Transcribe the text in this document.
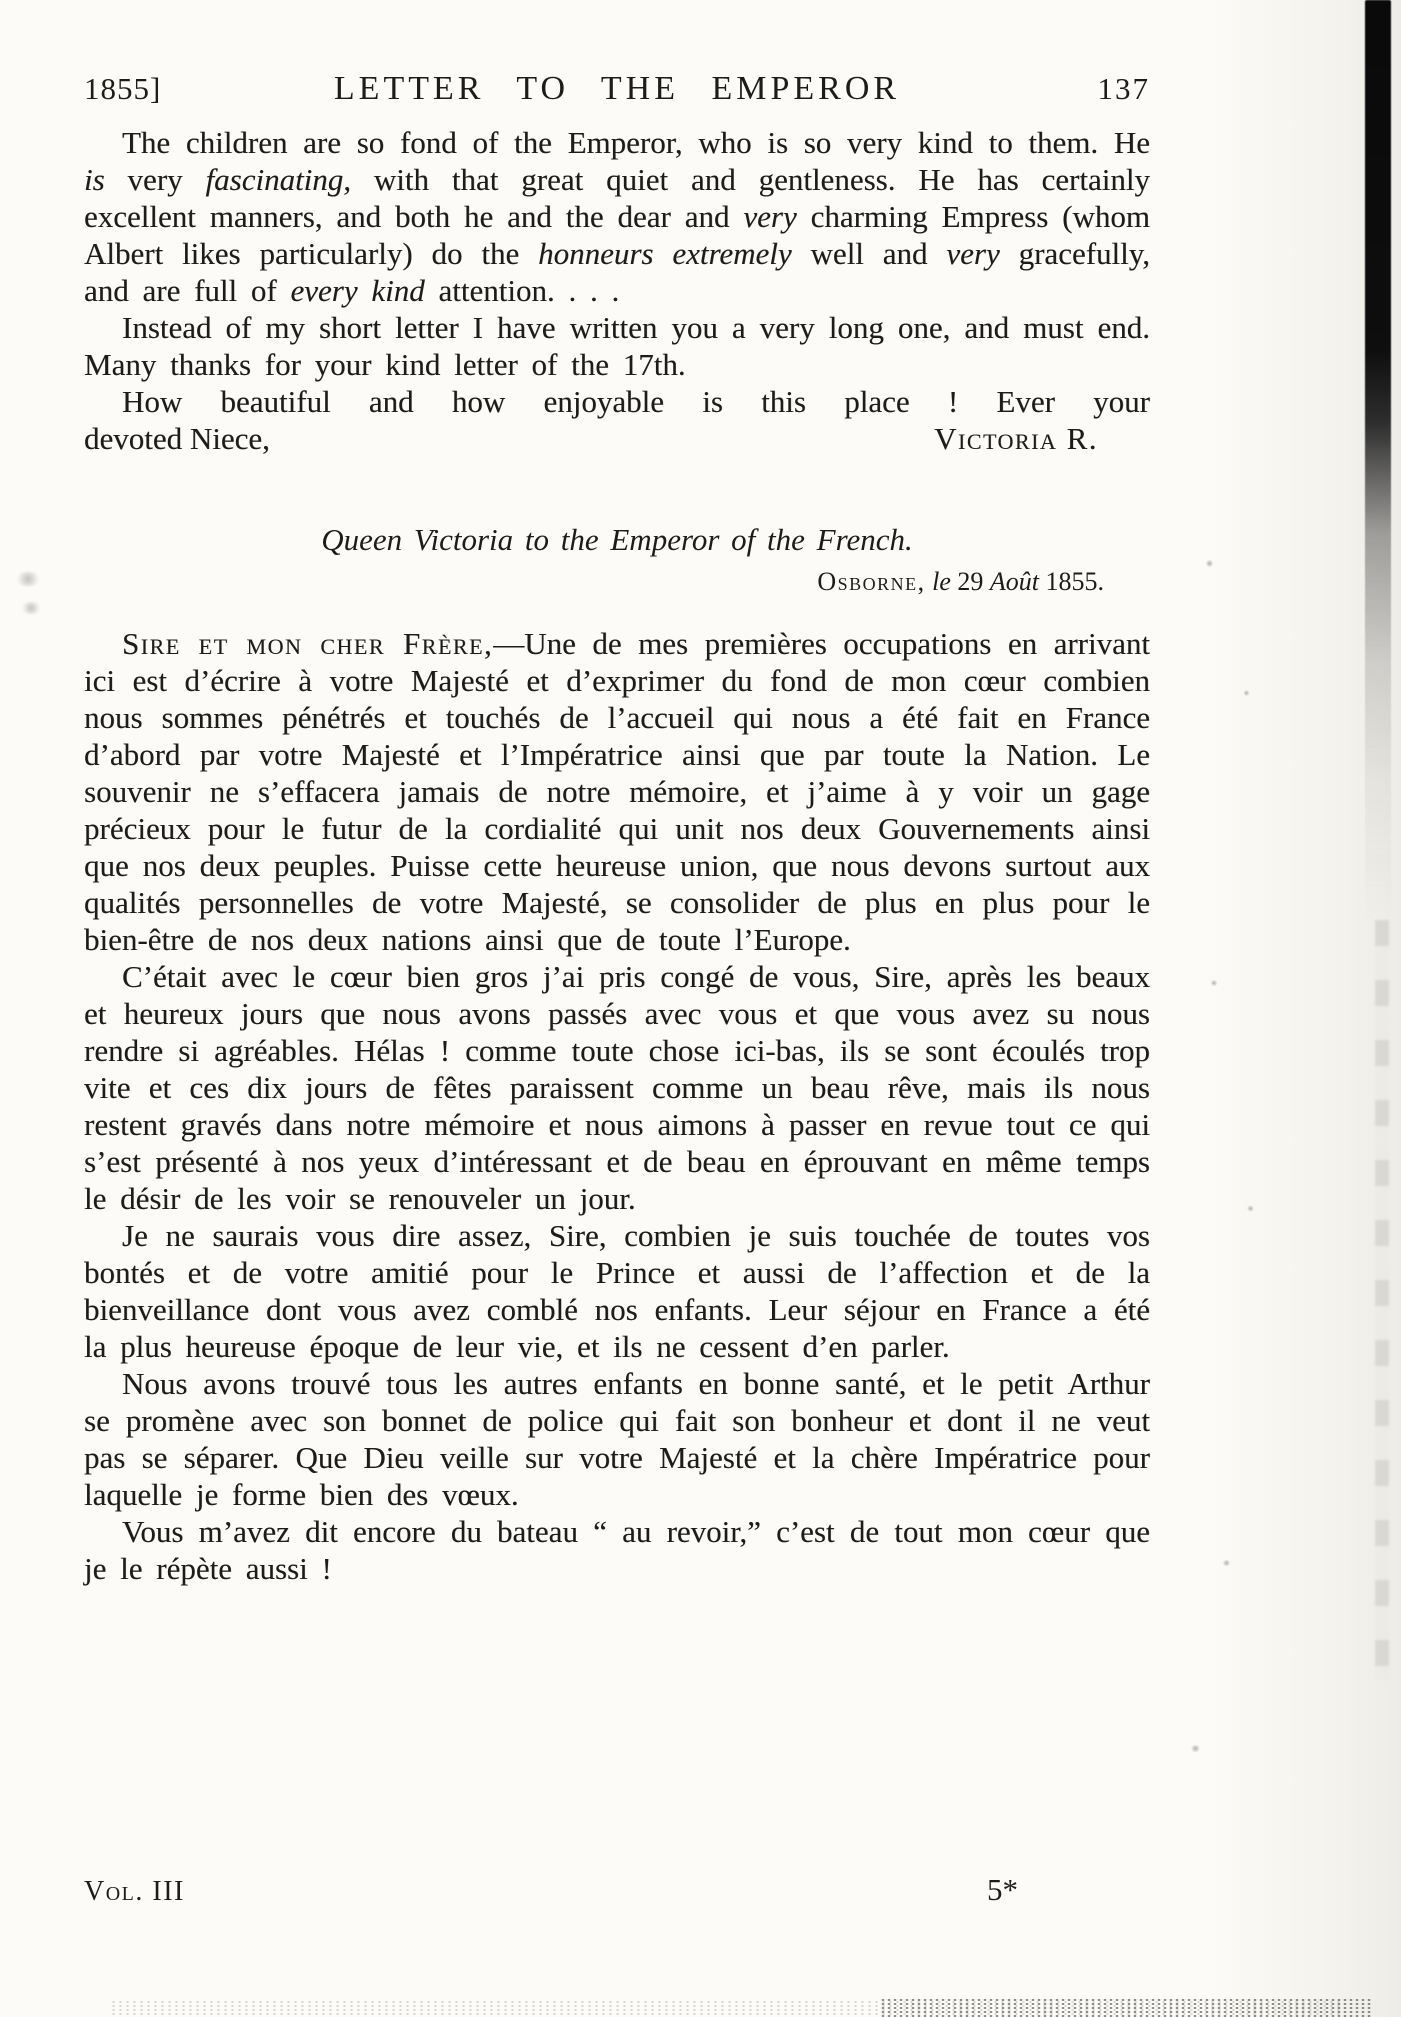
1855]	LETTER TO THE EMPEROR	137

The children are so fond of the Emperor, who is so very kind to them. He is very fascinating, with that great quiet and gentleness. He has certainly excellent manners, and both he and the dear and very charming Empress (whom Albert likes particularly) do the honneurs extremely well and very gracefully, and are full of every kind attention. . . .

Instead of my short letter I have written you a very long one, and must end. Many thanks for your kind letter of the 17th.

How beautiful and how enjoyable is this place ! Ever your

devoted Niece,	Victoria R.
Queen Victoria to the Emperor of the French.
Osborne, le 29 Août 1855.

Sire et mon cher Frère,—Une de mes premières occupations en arrivant ici est d’écrire à votre Majesté et d’exprimer du fond de mon cœur combien nous sommes pénétrés et touchés de l’accueil qui nous a été fait en France d’abord par votre Majesté et l’Impératrice ainsi que par toute la Nation. Le souvenir ne s’effacera jamais de notre mémoire, et j’aime à y voir un gage précieux pour le futur de la cordialité qui unit nos deux Gouvernements ainsi que nos deux peuples. Puisse cette heureuse union, que nous devons surtout aux qualités personnelles de votre Majesté, se consolider de plus en plus pour le bien-être de nos deux nations ainsi que de toute l’Europe.

C’était avec le cœur bien gros j’ai pris congé de vous, Sire, après les beaux et heureux jours que nous avons passés avec vous et que vous avez su nous rendre si agréables. Hélas ! comme toute chose ici-bas, ils se sont écoulés trop vite et ces dix jours de fêtes paraissent comme un beau rêve, mais ils nous restent gravés dans notre mémoire et nous aimons à passer en revue tout ce qui s’est présenté à nos yeux d’intéressant et de beau en éprouvant en même temps le désir de les voir se renouveler un jour.

Je ne saurais vous dire assez, Sire, combien je suis touchée de toutes vos bontés et de votre amitié pour le Prince et aussi de l’affection et de la bienveillance dont vous avez comblé nos enfants. Leur séjour en France a été la plus heureuse époque de leur vie, et ils ne cessent d’en parler.

Nous avons trouvé tous les autres enfants en bonne santé, et le petit Arthur se promène avec son bonnet de police qui fait son bonheur et dont il ne veut pas se séparer. Que Dieu veille sur votre Majesté et la chère Impératrice pour laquelle je forme bien des vœux.

Vous m’avez dit encore du bateau “ au revoir,” c’est de tout mon cœur que je le répète aussi !

Vol. III	5*
